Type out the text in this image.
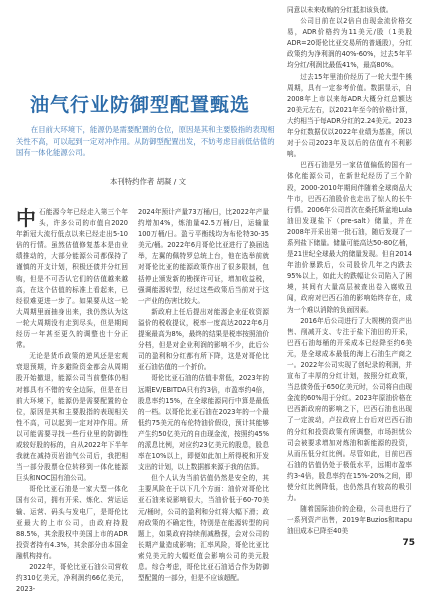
油气行业防御型配置甄选
在目前大环境下，能源仍是需要配置的仓位，原因是其和主要股指的表现相关性不高，可以起到一定对冲作用。从防御型配置出发，不妨考虑目前低估值的国有一体化能源公司。
本刊特约作者 胡凝 / 文

中石能源今年已经走入第三个年头，许多公司的市值自2020年新冠大流行低点以来已经走出5-10倍的行情。虽然估值修复基本是由业绩推动的，大部分能源公司都保持了谨慎的开支计划，积极还债并分红回购，但是不可否认它们的估值越来越高，在这个估值的标准上看起来，已经很难更进一步了。如果要从这一轮大周期里面抽身出来，我仍然认为这一轮大周期没有走到尽头，但是期间经历一年甚至更久的调整也十分正常。

无论是货币政策的逆风还是宏观衰退预期，许多避险资金都会从周期股开始撤退，能源公司当前整体仍相对都具有不错的安全边际，但是在目前大环境下，能源仍是需要配置的仓位，原因是其和主要股指的表现相关性不高，可以起到一定对冲作用。所以可能需要寻找一些行业里的防御性或较好股的标的，自从2022年下半年我就在减持页岩油气公司后，我把相当一部分股票仓位转移到一体化能源巨头和NOC国有油公司。

哥伦比亚石油是一家大型一体化国有公司，拥有开采、炼化、营运运输、运营、码头与发电厂，是哥伦比亚最大的上市公司，由政府持股88.5%，其余股权中美国上市的ADR投资者持有4.3%，其余部分由本国金融机构持有。

2022年，哥伦比亚石油公司营收约310亿美元，净利润约66亿美元，2023-

2024年预计产量73万桶/日，比2022年产量约增加4%，炼油量42.5万桶/日，运输量100万桶/日。盈亏平衡线均为布伦特30-35美元/桶。2022年6月哥伦比亚进行了换届选举，左翼的佩特罗总统上台，他在选举前就对哥伦比亚的能源政策作出了很多限制，包括停止颁发新的勘探许可证，增加收益税，强调能源转型，经过这些政策后当前对于这一产业的伤害比较大。

新政府上任后提出对能源企业征收资源溢价的税收提议，税率一度高达2022年6月提案最高为8%，最终的结果是税率按照油价分档，但是对企业利润的影响不少，此后公司的盈利和分红都有所下降，这是对哥伦比亚石油估值的一个折价。

哥伦比亚石油的估值非常低，2023年的远期EV/EBITDA只有约3倍，市盈率约4倍，股息率约15%，在全球能源同行中算是最低的一档。以哥伦比亚石油在2023年的一个最低约75美元的布伦特油价假设，预计其能够产生约50亿美元的自由现金流，按照约45%的派息比例，对应约23亿美元的股息，股息率在10%以上，即便如此加上所得税和开发支出的计划，以上数据都来源于我的估算。

但个人认为当前估值仍然是安全的，其主要风险在于以下几个方面：油价对哥伦比亚石油来说影响很大，当油价低于60-70美元/桶时，公司的盈利和分红将大幅下滑；政府政策的不确定性，特别是在能源转型的问题上，如果政府持续削减勘探，会对公司的长期产量造成影响；汇率风险，哥伦比亚比索兑美元的大幅贬值会影响公司的美元股息。综合考虑，哥伦比亚石油适合作为防御型配置的一部分，但是不应该超配。

同意以未来收购的分红抵扣该负债。

公司目前在以2倍自由现金流价格交易，ADR价格约为11美元/股（1美股ADR=20哥伦比亚交易所的普通股），分红政策约为净利润的40%-60%，过去5年平均分红/利润比最低41%，最高80%。

过去15年里油价经历了一轮大型牛熊周期，具有一定参考价值。数据显示，自2008年上市以来每ADR大概分红总额达20美元左右，以2021年至今的价格计算，大约相当于每ADR分红的2.24美元。2023年分红数据仅以2022年业绩为基准，所以对于公司2023年及以后的估值有不利影响。

巴西石油是另一家估值偏低的国有一体化能源公司，在新世纪经历了三个阶段，2000-2010年期间伴随着全球商品大牛市，巴西石油股价也走出了惊人的长牛行情。2006年公司首次在桑托斯盆地Lula油田发现盐下（pre-salt）储量，并在2008年开采出第一批石油，随后发现了一系列盐下储量。储量可能高达50-80亿桶，是21世纪全球最大的储量发现。但自2014年油价暴跌后，公司股价几年之内跌去95%以上，如此大的跌幅让公司陷入了困境，其间有大量高层被查出卷入腐败丑闻，政府对巴西石油的影响始终存在，成为一个难以消除的负面因素。

2016年后公司进行了大规模的资产出售、削减开支、专注于盐下油田的开采，巴西石油每桶的开采成本已经降至约6美元，是全球成本最低的海上石油生产商之一。2022年公司实现了创纪录的利润，并宣布了丰厚的分红计划，按照分红政策，当总债务低于650亿美元时，公司将自由现金流的60%用于分红。2023年原油价格在巴西新政府的影响之下，巴西石油也出现了一定波动，卢拉政府上台后对巴西石油的分红和投资政策有所调整，市场担忧公司会被要求增加对炼油和新能源的投资，从而压低分红比例。尽管如此，目前巴西石油的估值仍处于极低水平，远期市盈率约3-4倍，股息率约在15%-20%之间，即使分红比例降低，也仍然具有较高的吸引力。

随着国际油价的企稳，公司也进行了一系列资产出售，2019年Buzios和Itapu油田成本已降至40美

75
